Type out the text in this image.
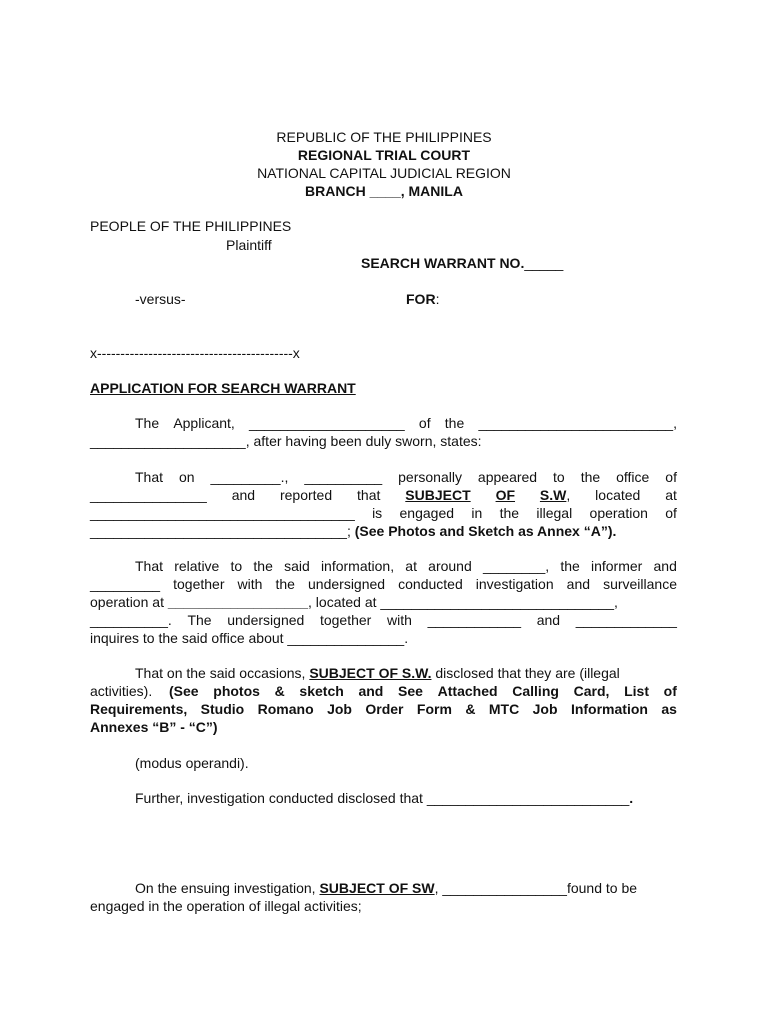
REPUBLIC OF THE PHILIPPINES
REGIONAL TRIAL COURT
NATIONAL CAPITAL JUDICIAL REGION
BRANCH ____, MANILA
PEOPLE OF THE PHILIPPINES
Plaintiff
SEARCH WARRANT NO._____
-versus-	FOR:
x------------------------------------------x
APPLICATION FOR SEARCH WARRANT
The Applicant, ____________________ of the _________________________,
____________________, after having been duly sworn, states:
That on _________., __________ personally appeared to the office of
_______________ and reported that SUBJECT OF S.W, located at
__________________________________ is engaged in the illegal operation of
_________________________________; (See Photos and Sketch as Annex “A”).
That relative to the said information, at around ________, the informer and
_________ together with the undersigned conducted investigation and surveillance
operation at __________________, located at ______________________________,
__________. The undersigned together with ____________ and _____________
inquires to the said office about _______________.
That on the said occasions, SUBJECT OF S.W. disclosed that they are (illegal
activities). (See photos & sketch and See Attached Calling Card, List of
Requirements, Studio Romano Job Order Form & MTC Job Information as
Annexes “B” - “C”)
(modus operandi).
Further, investigation conducted disclosed that __________________________.
On the ensuing investigation, SUBJECT OF SW, ________________found to be
engaged in the operation of illegal activities;
